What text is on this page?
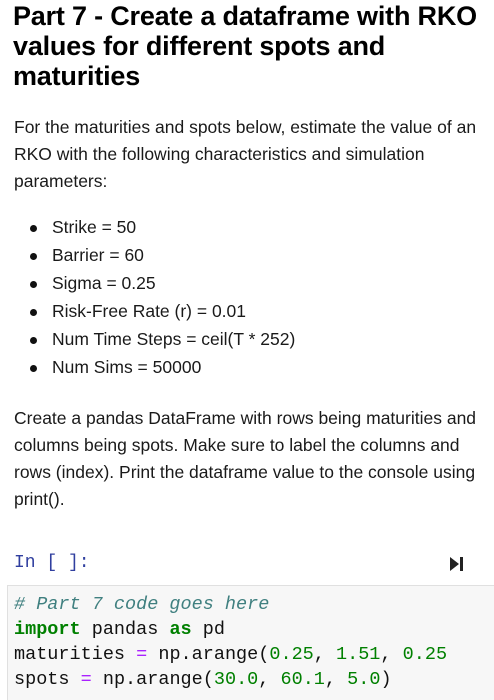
Part 7 - Create a dataframe with RKO values for different spots and maturities

For the maturities and spots below, estimate the value of an RKO with the following characteristics and simulation parameters:

Strike = 50
Barrier = 60
Sigma = 0.25
Risk-Free Rate (r) = 0.01
Num Time Steps = ceil(T * 252)
Num Sims = 50000

Create a pandas DataFrame with rows being maturities and columns being spots. Make sure to label the columns and rows (index). Print the dataframe value to the console using print().

In [ ]:
# Part 7 code goes here
import pandas as pd
maturities = np.arange(0.25, 1.51, 0.25
spots = np.arange(30.0, 60.1, 5.0)
